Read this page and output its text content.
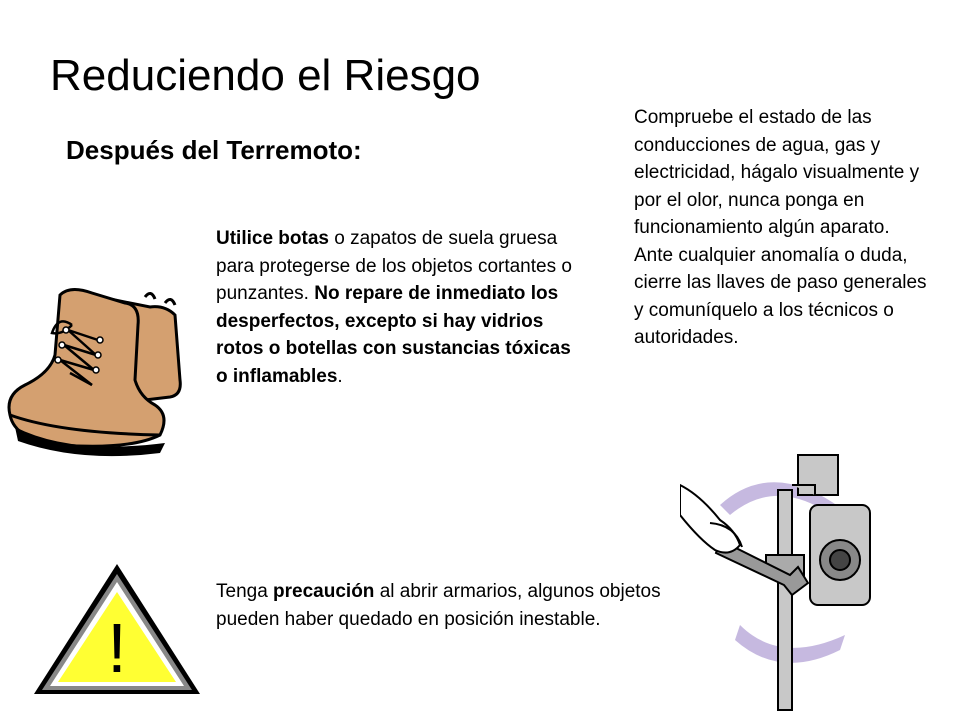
Reduciendo el Riesgo
Después del Terremoto:

Utilice botas o zapatos de suela gruesa para protegerse de los objetos cortantes o punzantes. No repare de inmediato los desperfectos, excepto si hay vidrios rotos o botellas con sustancias tóxicas o inflamables.

Compruebe el estado de las conducciones de agua, gas y electricidad, hágalo visualmente y por el olor, nunca ponga en funcionamiento algún aparato. Ante cualquier anomalía o duda, cierre las llaves de paso generales y comuníquelo a los técnicos o autoridades.

!

Tenga precaución al abrir armarios, algunos objetos pueden haber quedado en posición inestable.
